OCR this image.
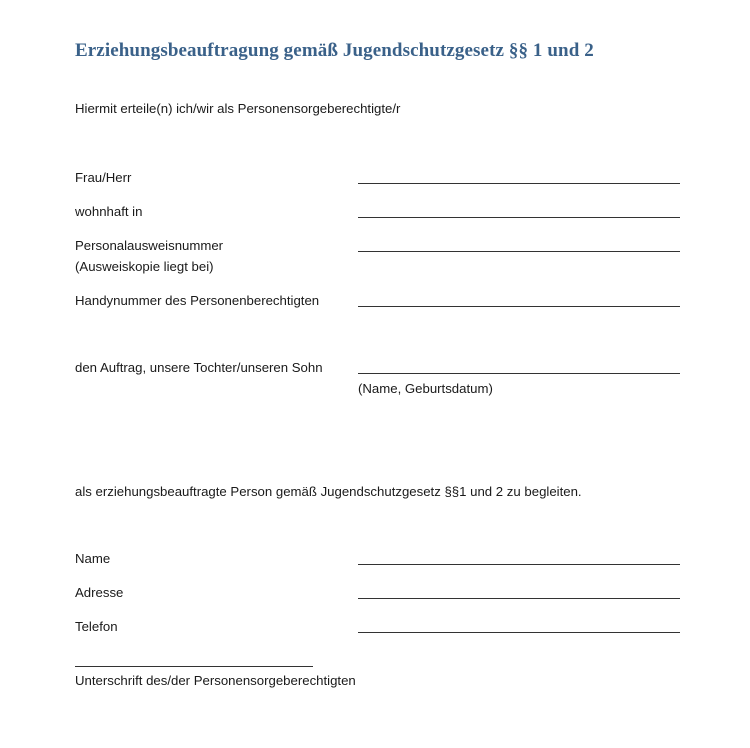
Erziehungsbeauftragung gemäß Jugendschutzgesetz §§ 1 und 2
Hiermit erteile(n) ich/wir als Personensorgeberechtigte/r
Frau/Herr
wohnhaft in
Personalausweisnummer
(Ausweiskopie liegt bei)
Handynummer des Personenberechtigten
den Auftrag, unsere Tochter/unseren Sohn
(Name, Geburtsdatum)
als erziehungsbeauftragte Person gemäß Jugendschutzgesetz §§1 und 2 zu begleiten.
Name
Adresse
Telefon
Unterschrift des/der Personensorgeberechtigten
